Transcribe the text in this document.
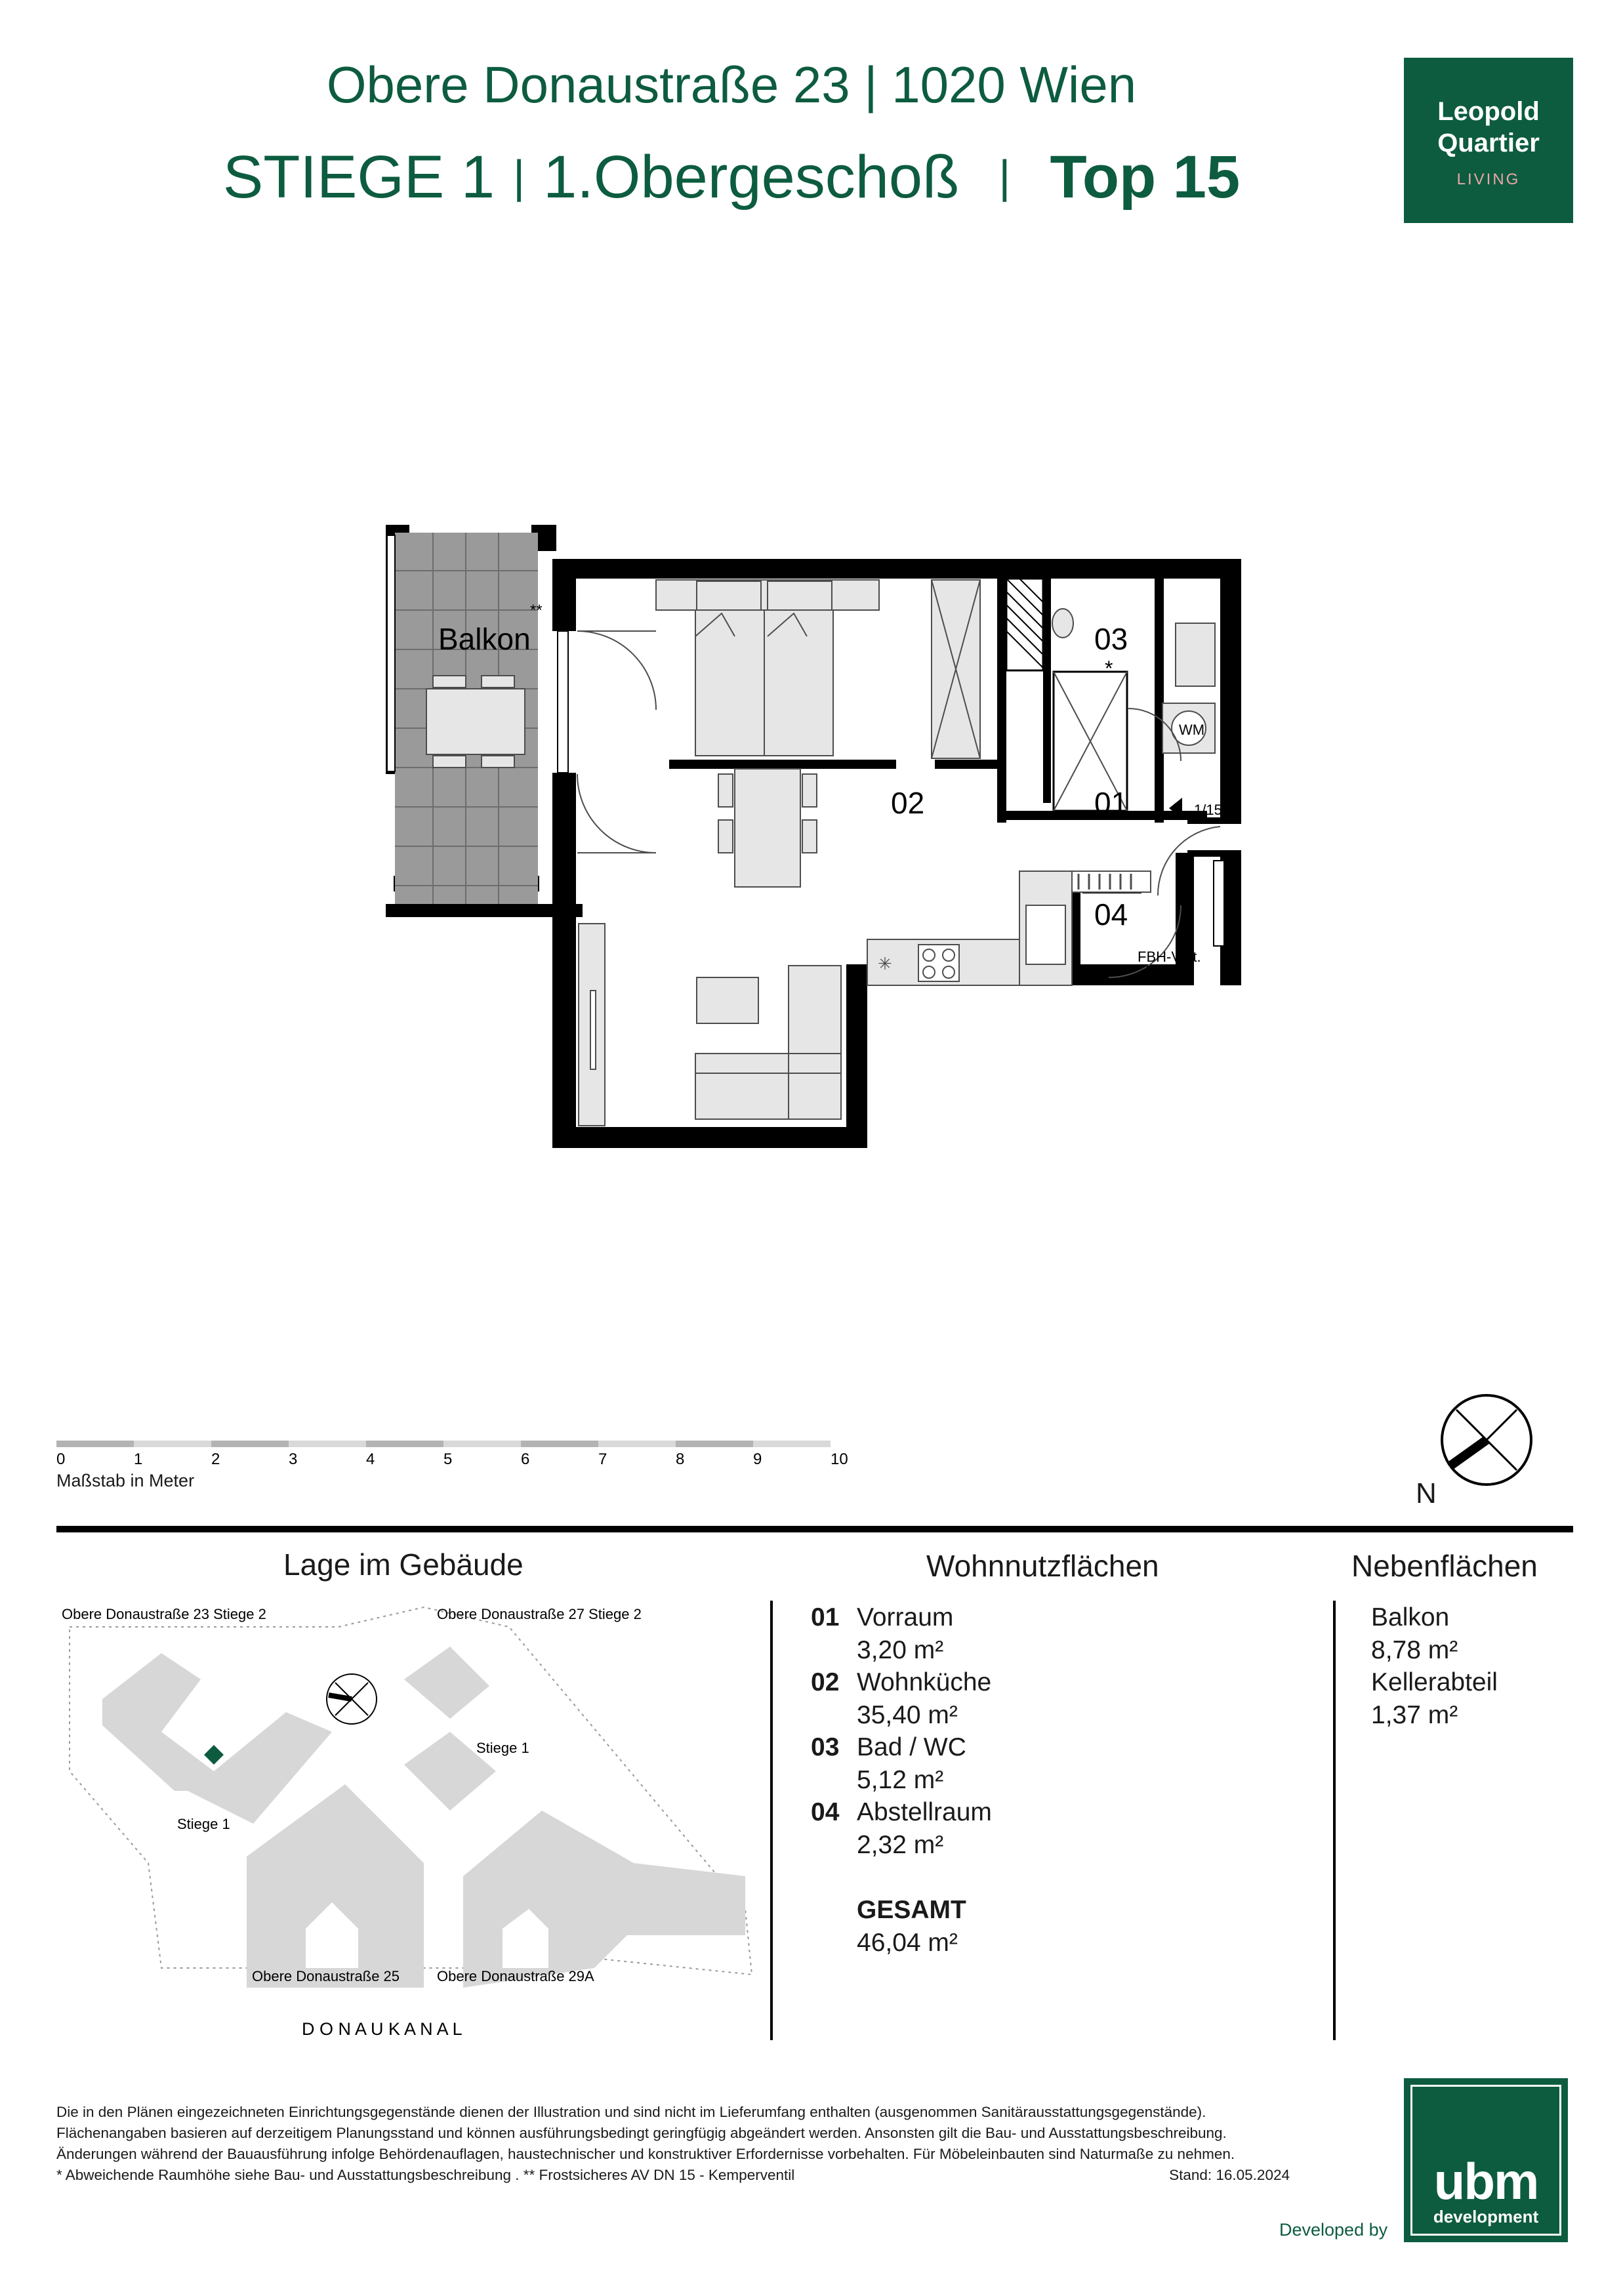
Obere Donaustraße 23 | 1020 Wien
STIEGE 1 | 1.Obergeschoß | Top 15
Leopold
Quartier
LIVING
Balkon
**
✳
WM
02	01
03
*
04
1/15
FBH-Vert.
E-Vert.
0	1	2	3	4	5	6	7	8	9	10
Maßstab in Meter	N
Lage im Gebäude
Obere Donaustraße 23 Stiege 2	Obere Donaustraße 27 Stiege 2
Stiege 1
Stiege 1
Obere Donaustraße 25	Obere Donaustraße 29A
D O N A U K A N A L
Wohnnutzflächen
01 Vorraum
3,20 m²
02 Wohnküche
35,40 m²
03 Bad / WC
5,12 m²
04 Abstellraum
2,32 m²
GESAMT
46,04 m²
Nebenflächen
Balkon
8,78 m²
Kellerabteil
1,37 m²
Die in den Plänen eingezeichneten Einrichtungsgegenstände dienen der Illustration und sind nicht im Lieferumfang enthalten (ausgenommen Sanitärausstattungsgegenstände).
Flächenangaben basieren auf derzeitigem Planungsstand und können ausführungsbedingt geringfügig abgeändert werden. Ansonsten gilt die Bau- und Ausstattungsbeschreibung.
Änderungen während der Bauausführung infolge Behördenauflagen, haustechnischer und konstruktiver Erfordernisse vorbehalten. Für Möbeleinbauten sind Naturmaße zu nehmen.
* Abweichende Raumhöhe siehe Bau- und Ausstattungsbeschreibung . ** Frostsicheres AV DN 15 - Kemperventil	Stand: 16.05.2024
Developed by
ubm
development
